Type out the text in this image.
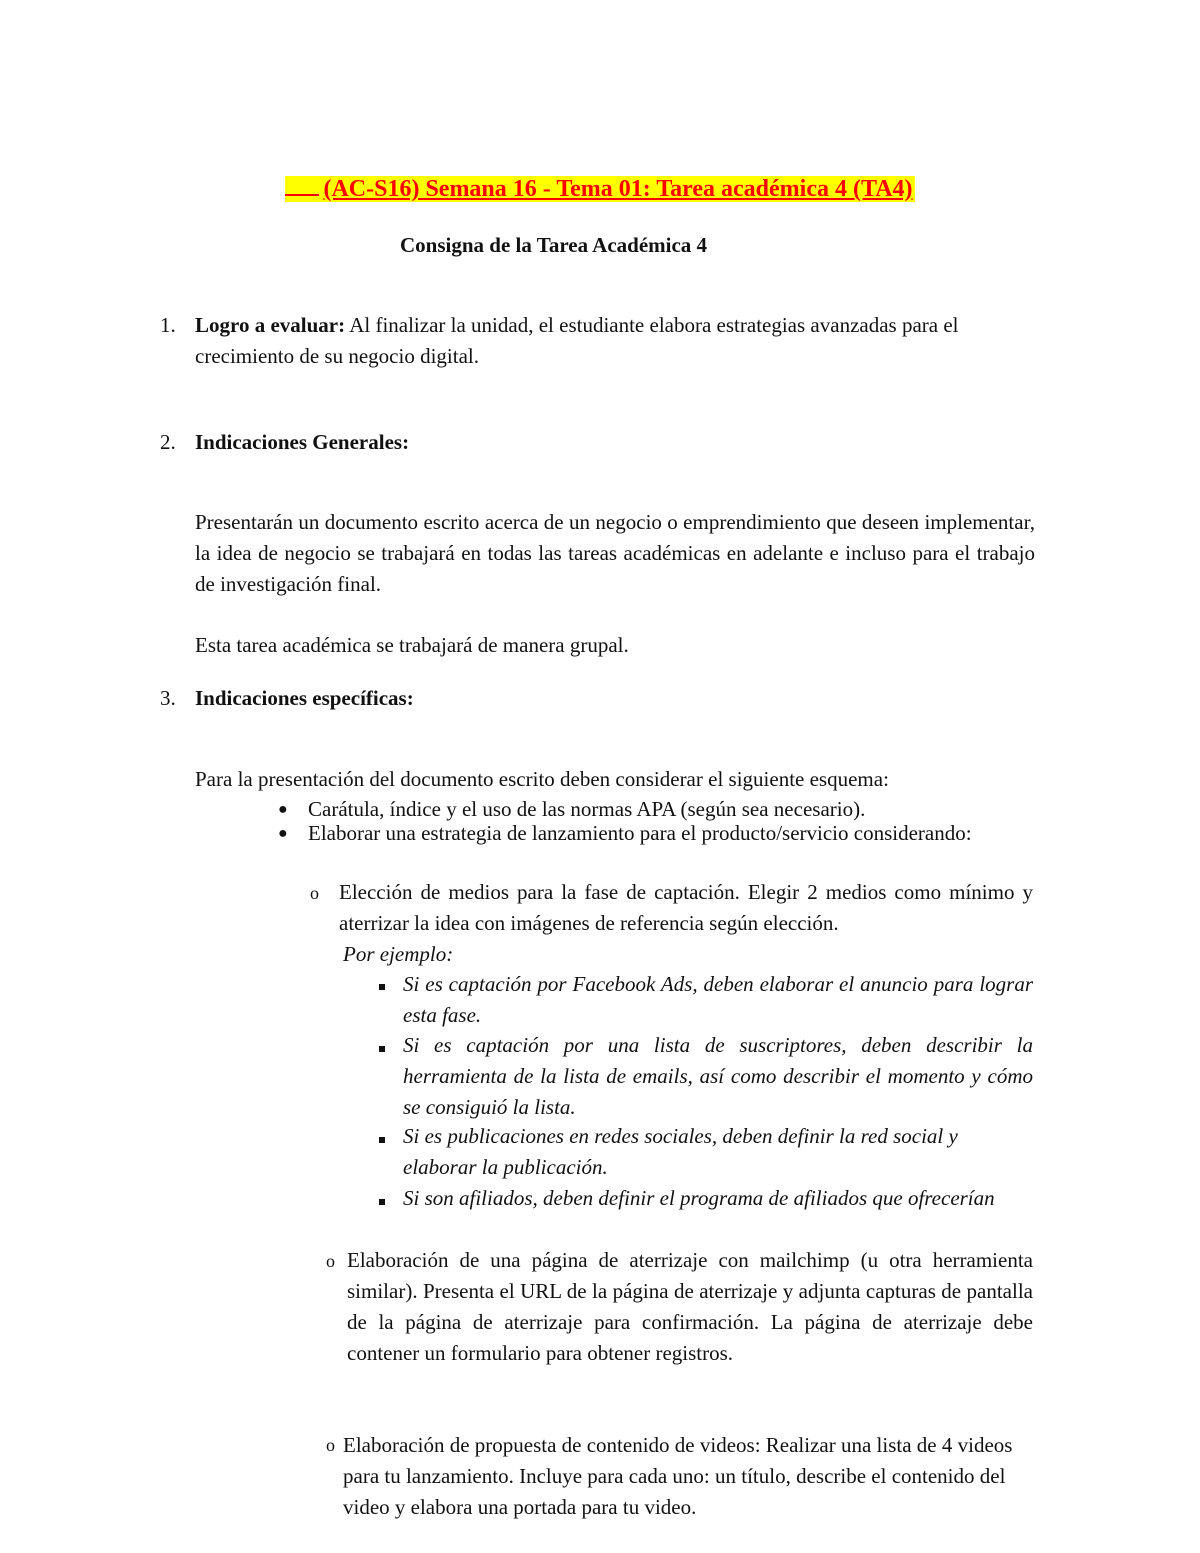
(AC-S16) Semana 16 - Tema 01: Tarea académica 4 (TA4)
Consigna de la Tarea Académica 4
1. Logro a evaluar: Al finalizar la unidad, el estudiante elabora estrategias avanzadas para el crecimiento de su negocio digital.

2. Indicaciones Generales:

Presentarán un documento escrito acerca de un negocio o emprendimiento que deseen implementar, la idea de negocio se trabajará en todas las tareas académicas en adelante e incluso para el trabajo de investigación final.

Esta tarea académica se trabajará de manera grupal.

3. Indicaciones específicas:

Para la presentación del documento escrito deben considerar el siguiente esquema:

● Carátula, índice y el uso de las normas APA (según sea necesario).

● Elaborar una estrategia de lanzamiento para el producto/servicio considerando:

o Elección de medios para la fase de captación. Elegir 2 medios como mínimo y aterrizar la idea con imágenes de referencia según elección.

Por ejemplo:

Si es captación por Facebook Ads, deben elaborar el anuncio para lograr esta fase.

Si es captación por una lista de suscriptores, deben describir la herramienta de la lista de emails, así como describir el momento y cómo se consiguió la lista.

Si es publicaciones en redes sociales, deben definir la red social y elaborar la publicación.

Si son afiliados, deben definir el programa de afiliados que ofrecerían

o Elaboración de una página de aterrizaje con mailchimp (u otra herramienta similar). Presenta el URL de la página de aterrizaje y adjunta capturas de pantalla de la página de aterrizaje para confirmación. La página de aterrizaje debe contener un formulario para obtener registros.

o Elaboración de propuesta de contenido de videos: Realizar una lista de 4 videos para tu lanzamiento. Incluye para cada uno: un título, describe el contenido del video y elabora una portada para tu video.
